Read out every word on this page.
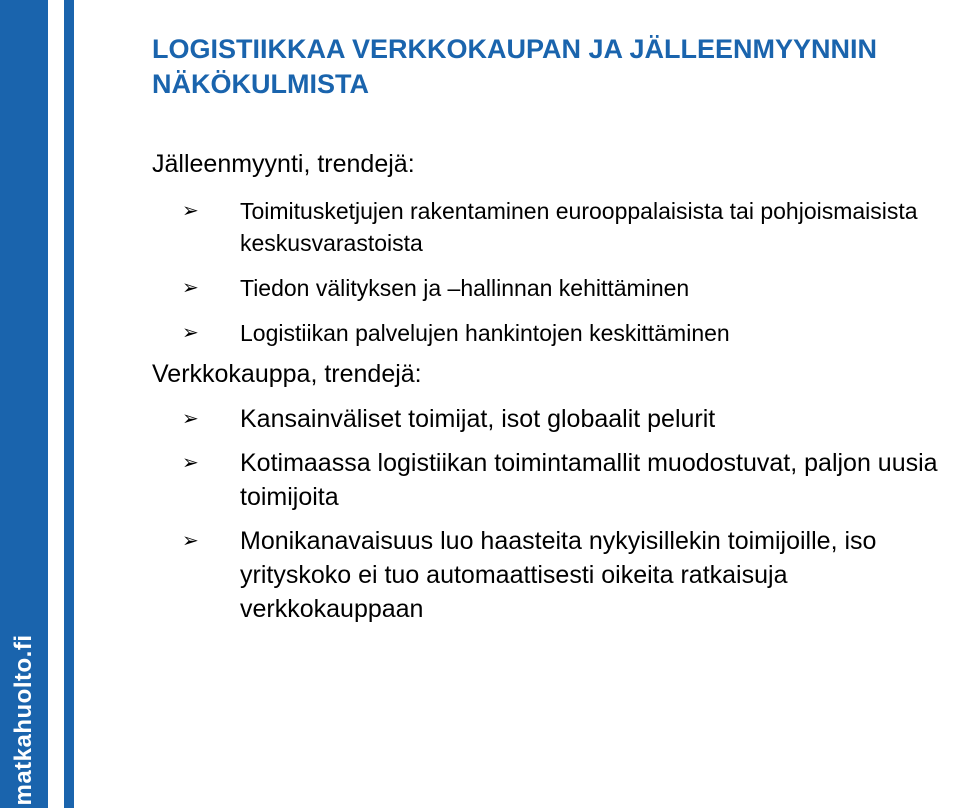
matkahuolto.fi
LOGISTIIKKAA VERKKOKAUPAN JA JÄLLEENMYYNNIN NÄKÖKULMISTA

Jälleenmyynti, trendejä:

➢ Toimitusketjujen rakentaminen eurooppalaisista tai pohjoismaisista keskusvarastoista
➢ Tiedon välityksen ja –hallinnan kehittäminen
➢ Logistiikan palvelujen hankintojen keskittäminen

Verkkokauppa, trendejä:

➢ Kansainväliset toimijat, isot globaalit pelurit
➢ Kotimaassa logistiikan toimintamallit muodostuvat, paljon uusia toimijoita
➢ Monikanavaisuus luo haasteita nykyisillekin toimijoille, iso yrityskoko ei tuo automaattisesti oikeita ratkaisuja verkkokauppaan
